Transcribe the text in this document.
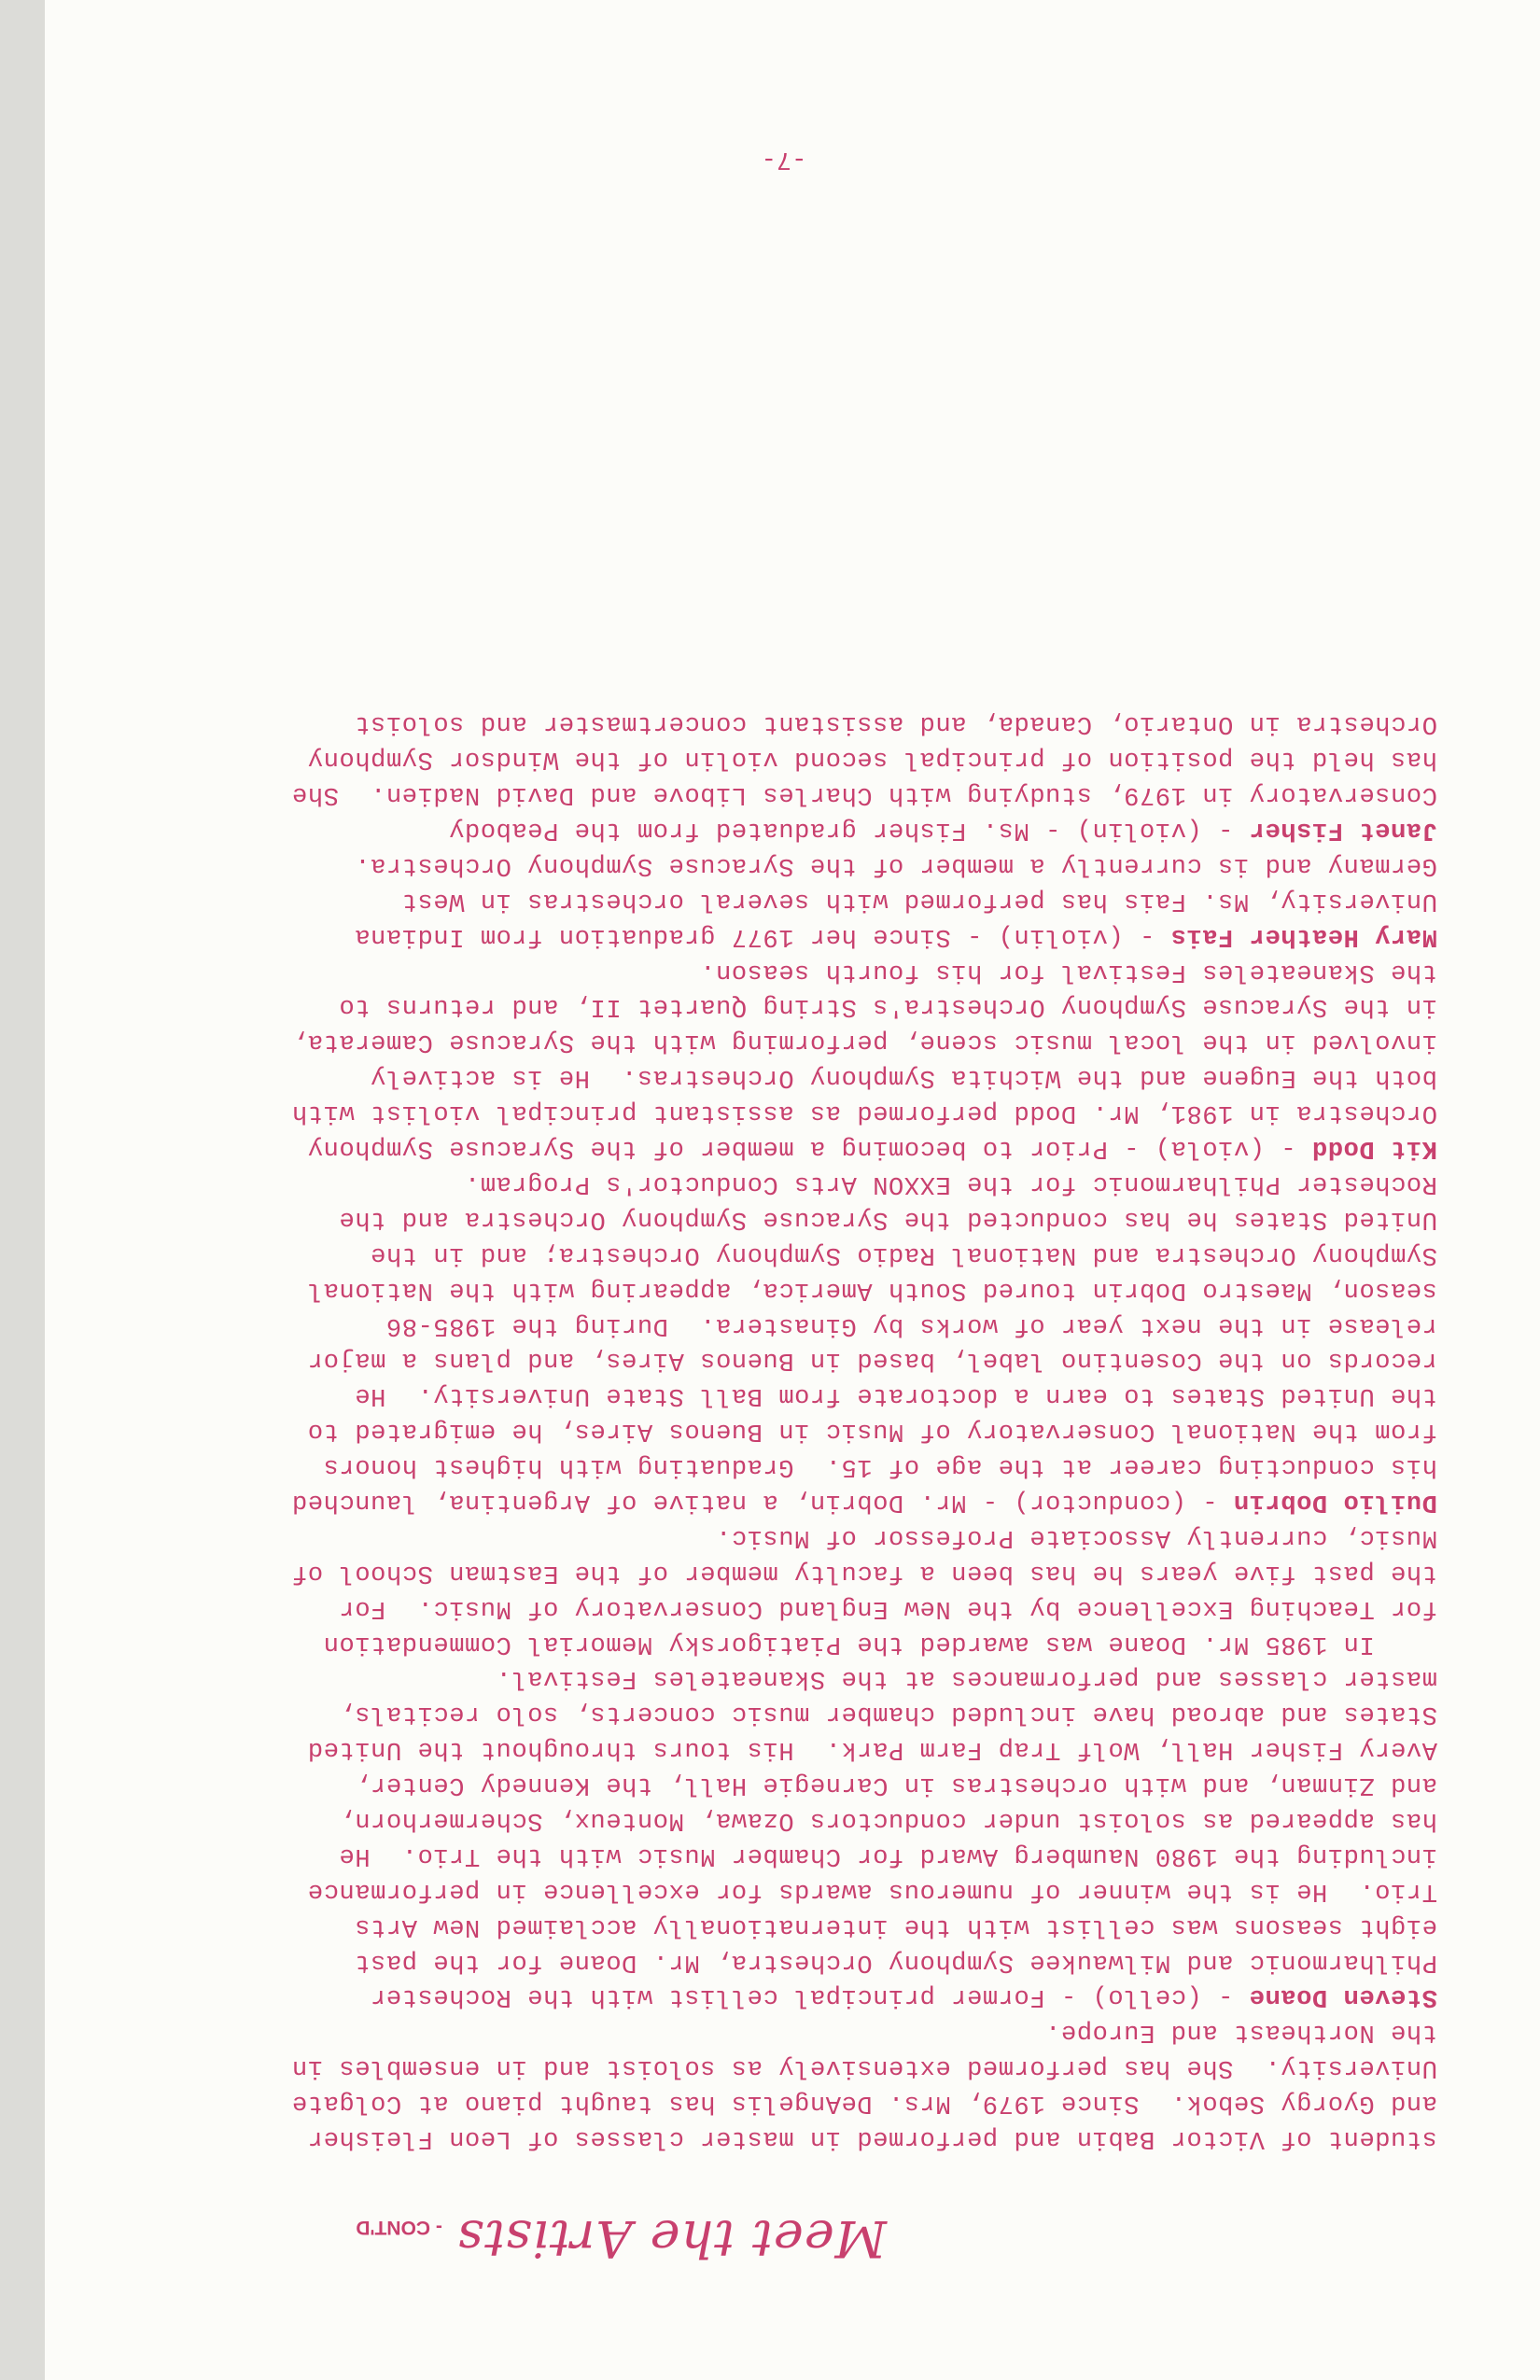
Meet the Artists - CONT'D
student of Victor Babin and performed in master classes of Leon Fleisher
and Gyorgy Sebok.  Since 1979, Mrs. DeAngelis has taught piano at Colgate
University.  She has performed extensively as soloist and in ensembles in
the Northeast and Europe.
Steven Doane - (cello) - Former principal cellist with the Rochester
Philharmonic and Milwaukee Symphony Orchestra, Mr. Doane for the past
eight seasons was cellist with the internationally acclaimed New Arts
Trio.  He is the winner of numerous awards for excellence in performance
including the 1980 Naumberg Award for Chamber Music with the Trio.  He
has appeared as soloist under conductors Ozawa, Monteux, Schermerhorn,
and Zinman, and with orchestras in Carnegie Hall, the Kennedy Center,
Avery Fisher Hall, Wolf Trap Farm Park.  His tours throughout the United
States and abroad have included chamber music concerts, solo recitals,
master classes and performances at the Skaneateles Festival.
In 1985 Mr. Doane was awarded the Piatigorsky Memorial Commendation
for Teaching Excellence by the New England Conservatory of Music.  For
the past five years he has been a faculty member of the Eastman School of
Music, currently Associate Professor of Music.
Duilio Dobrin - (conductor) - Mr. Dobrin, a native of Argentina, launched
his conducting career at the age of 15.  Graduating with highest honors
from the National Conservatory of Music in Buenos Aires, he emigrated to
the United States to earn a doctorate from Ball State University.  He
records on the Cosentino label, based in Buenos Aires, and plans a major
release in the next year of works by Ginastera.  During the 1985-86
season, Maestro Dobrin toured South America, appearing with the National
Symphony Orchestra and National Radio Symphony Orchestra; and in the
United States he has conducted the Syracuse Symphony Orchestra and the
Rochester Philharmonic for the EXXON Arts Conductor's Program.
Kit Dodd - (viola) - Prior to becoming a member of the Syracuse Symphony
Orchestra in 1981, Mr. Dodd performed as assistant principal violist with
both the Eugene and the Wichita Symphony Orchestras.  He is actively
involved in the local music scene, performing with the Syracuse Camerata,
in the Syracuse Symphony Orchestra's String Quartet II, and returns to
the Skaneateles Festival for his fourth season.
Mary Heather Fais - (violin) - Since her 1977 graduation from Indiana
University, Ms. Fais has performed with several orchestras in West
Germany and is currently a member of the Syracuse Symphony Orchestra.
Janet Fisher - (violin) - Ms. Fisher graduated from the Peabody
Conservatory in 1979, studying with Charles Libove and David Nadien.  She
has held the position of principal second violin of the Windsor Symphony
Orchestra in Ontario, Canada, and assistant concertmaster and soloist
-7-
